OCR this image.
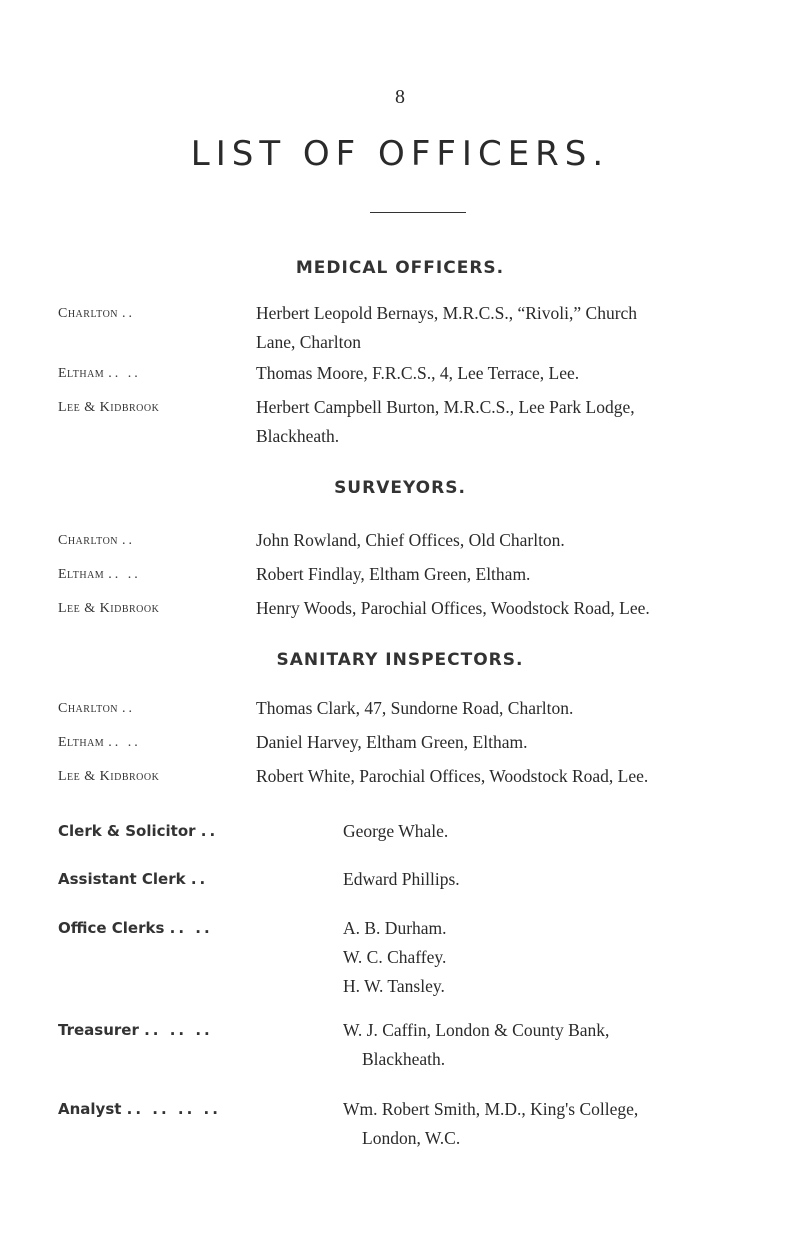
8
LIST OF OFFICERS.
MEDICAL OFFICERS.
Charlton ..	Herbert Leopold Bernays, M.R.C.S., “Rivoli,” Church
Lane, Charlton
Eltham .. ..	Thomas Moore, F.R.C.S., 4, Lee Terrace, Lee.
Lee & Kidbrook	Herbert Campbell Burton, M.R.C.S., Lee Park Lodge,
Blackheath.
SURVEYORS.
Charlton ..	John Rowland, Chief Offices, Old Charlton.
Eltham .. ..	Robert Findlay, Eltham Green, Eltham.
Lee & Kidbrook	Henry Woods, Parochial Offices, Woodstock Road, Lee.
SANITARY INSPECTORS.
Charlton ..	Thomas Clark, 47, Sundorne Road, Charlton.
Eltham .. ..	Daniel Harvey, Eltham Green, Eltham.
Lee & Kidbrook	Robert White, Parochial Offices, Woodstock Road, Lee.
Clerk & Solicitor ..	George Whale.
Assistant Clerk ..	Edward Phillips.
Office Clerks .. ..	A. B. Durham.
W. C. Chaffey.
H. W. Tansley.
Treasurer .. .. ..	W. J. Caffin, London & County Bank,
Blackheath.
Analyst .. .. .. ..	Wm. Robert Smith, M.D., King's College,
London, W.C.
